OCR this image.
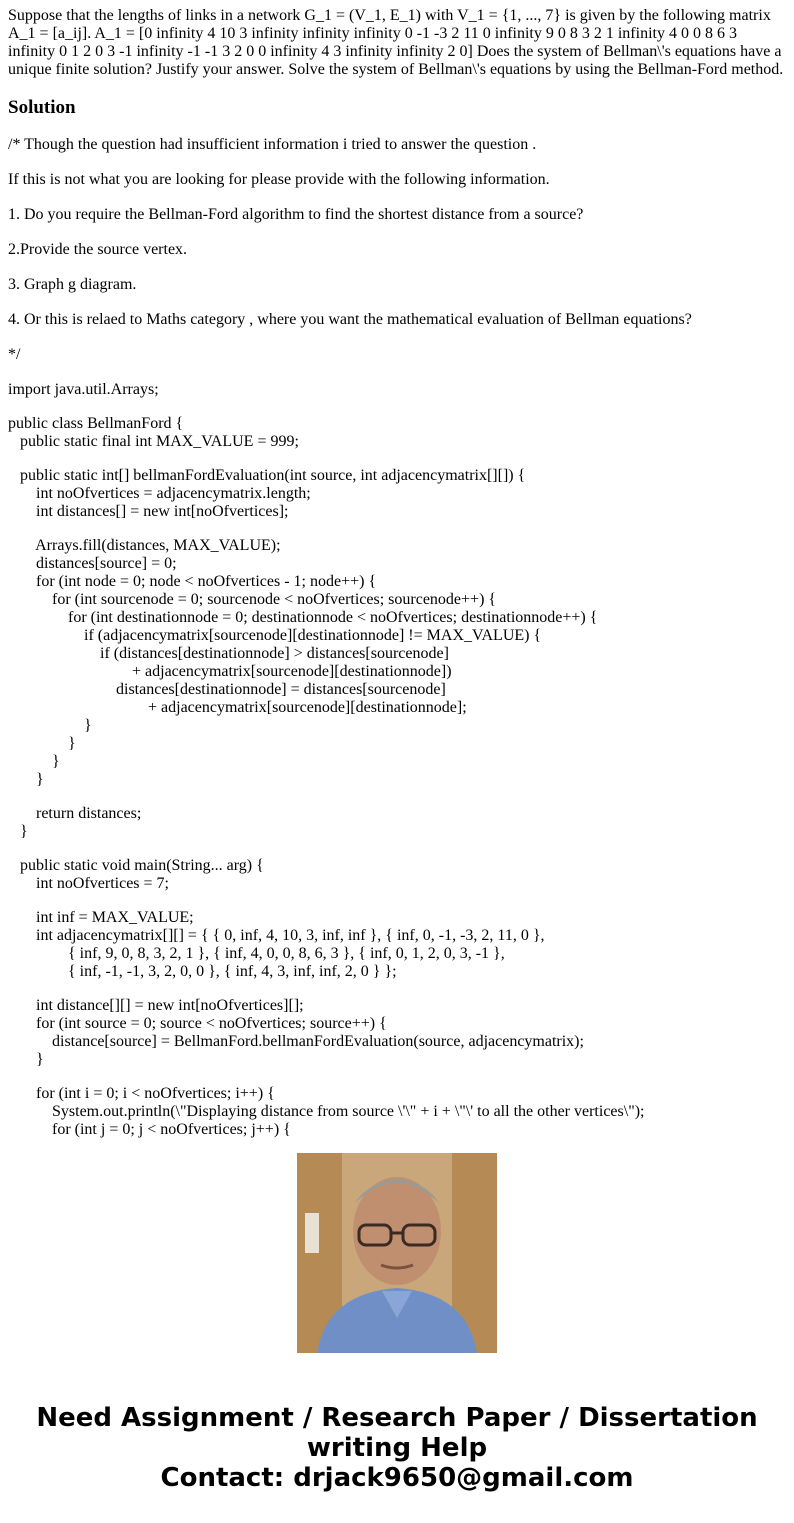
Suppose that the lengths of links in a network G_1 = (V_1, E_1) with V_1 = {1, ..., 7} is given by the following matrix A_1 = [a_ij]. A_1 = [0 infinity 4 10 3 infinity infinity infinity 0 -1 -3 2 11 0 infinity 9 0 8 3 2 1 infinity 4 0 0 8 6 3 infinity 0 1 2 0 3 -1 infinity -1 -1 3 2 0 0 infinity 4 3 infinity infinity 2 0] Does the system of Bellman\'s equations have a unique finite solution? Justify your answer. Solve the system of Bellman\'s equations by using the Bellman-Ford method.
Solution
/* Though the question had insufficient information i tried to answer the question .
If this is not what you are looking for please provide with the following information.
1. Do you require the Bellman-Ford algorithm to find the shortest distance from a source?
2.Provide the source vertex.
3. Graph g diagram.
4. Or this is relaed to Maths category , where you want the mathematical evaluation of Bellman equations?
*/
import java.util.Arrays;
public class BellmanFord {
public static final int MAX_VALUE = 999;
public static int[] bellmanFordEvaluation(int source, int adjacencymatrix[][]) {
int noOfvertices = adjacencymatrix.length;
int distances[] = new int[noOfvertices];
Arrays.fill(distances, MAX_VALUE);
distances[source] = 0;
for (int node = 0; node < noOfvertices - 1; node++) {
for (int sourcenode = 0; sourcenode < noOfvertices; sourcenode++) {
for (int destinationnode = 0; destinationnode < noOfvertices; destinationnode++) {
if (adjacencymatrix[sourcenode][destinationnode] != MAX_VALUE) {
if (distances[destinationnode] > distances[sourcenode]
+ adjacencymatrix[sourcenode][destinationnode])
distances[destinationnode] = distances[sourcenode]
+ adjacencymatrix[sourcenode][destinationnode];
}
}
}
}
return distances;
}
public static void main(String... arg) {
int noOfvertices = 7;
int inf = MAX_VALUE;
int adjacencymatrix[][] = { { 0, inf, 4, 10, 3, inf, inf }, { inf, 0, -1, -3, 2, 11, 0 },
{ inf, 9, 0, 8, 3, 2, 1 }, { inf, 4, 0, 0, 8, 6, 3 }, { inf, 0, 1, 2, 0, 3, -1 },
{ inf, -1, -1, 3, 2, 0, 0 }, { inf, 4, 3, inf, inf, 2, 0 } };
int distance[][] = new int[noOfvertices][];
for (int source = 0; source < noOfvertices; source++) {
distance[source] = BellmanFord.bellmanFordEvaluation(source, adjacencymatrix);
}
for (int i = 0; i < noOfvertices; i++) {
System.out.println(\"Displaying distance from source \'\" + i + \"\' to all the other vertices\");
for (int j = 0; j < noOfvertices; j++) {
Need Assignment / Research Paper / Dissertation
writing Help
Contact: drjack9650@gmail.com
